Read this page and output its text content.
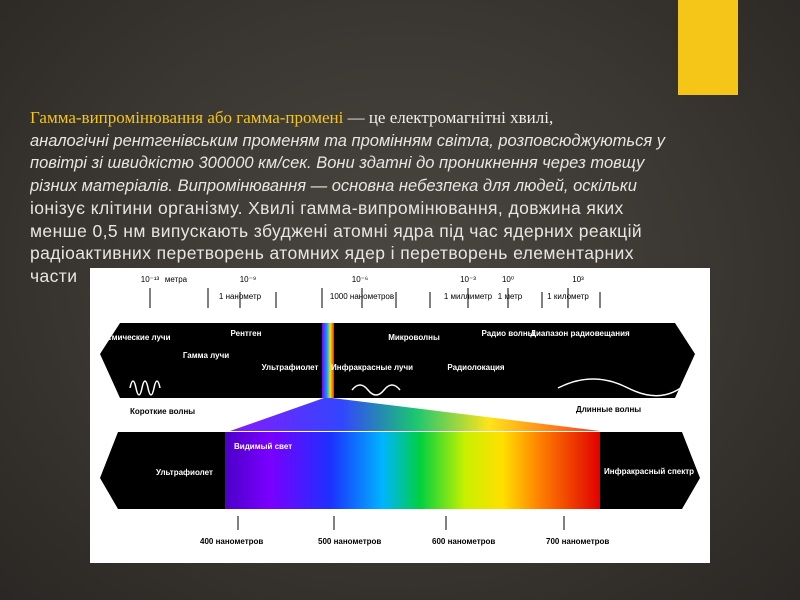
Гамма-випромінювання або гамма-промені — це електромагнітні хвилі,
аналогічні рентгенівським променям та промінням світла, розповсюджуються у
повітрі зі швидкістю 300000 км/сек. Вони здатні до проникнення через товщу
різних матеріалів. Випромінювання — основна небезпека для людей, оскільки
іонізує клітини організму. Хвилі гамма-випромінювання, довжина яких
менше 0,5 нм випускають збуджені атомні ядра під час ядерних реакцій
радіоактивних перетворень атомних ядер і перетворень елементарних
части	10⁻¹³ метра	10⁻⁹
1 нанометр
10⁻⁶
1000 нанометров
10⁻³
1 миллиметр
10⁰
1 метр
10³
1 километр
Космические лучи
Гамма лучи
Рентген
Ультрафиолет Инфракрасные лучи
Микроволны	Радио волны
Радиолокация
Диапазон радиовещания
Короткие волны	Длинные волны
Ультрафиолет
Видимый свет
Инфракрасный спектр
400 нанометров	500 нанометров	600 нанометров	700 нанометров
